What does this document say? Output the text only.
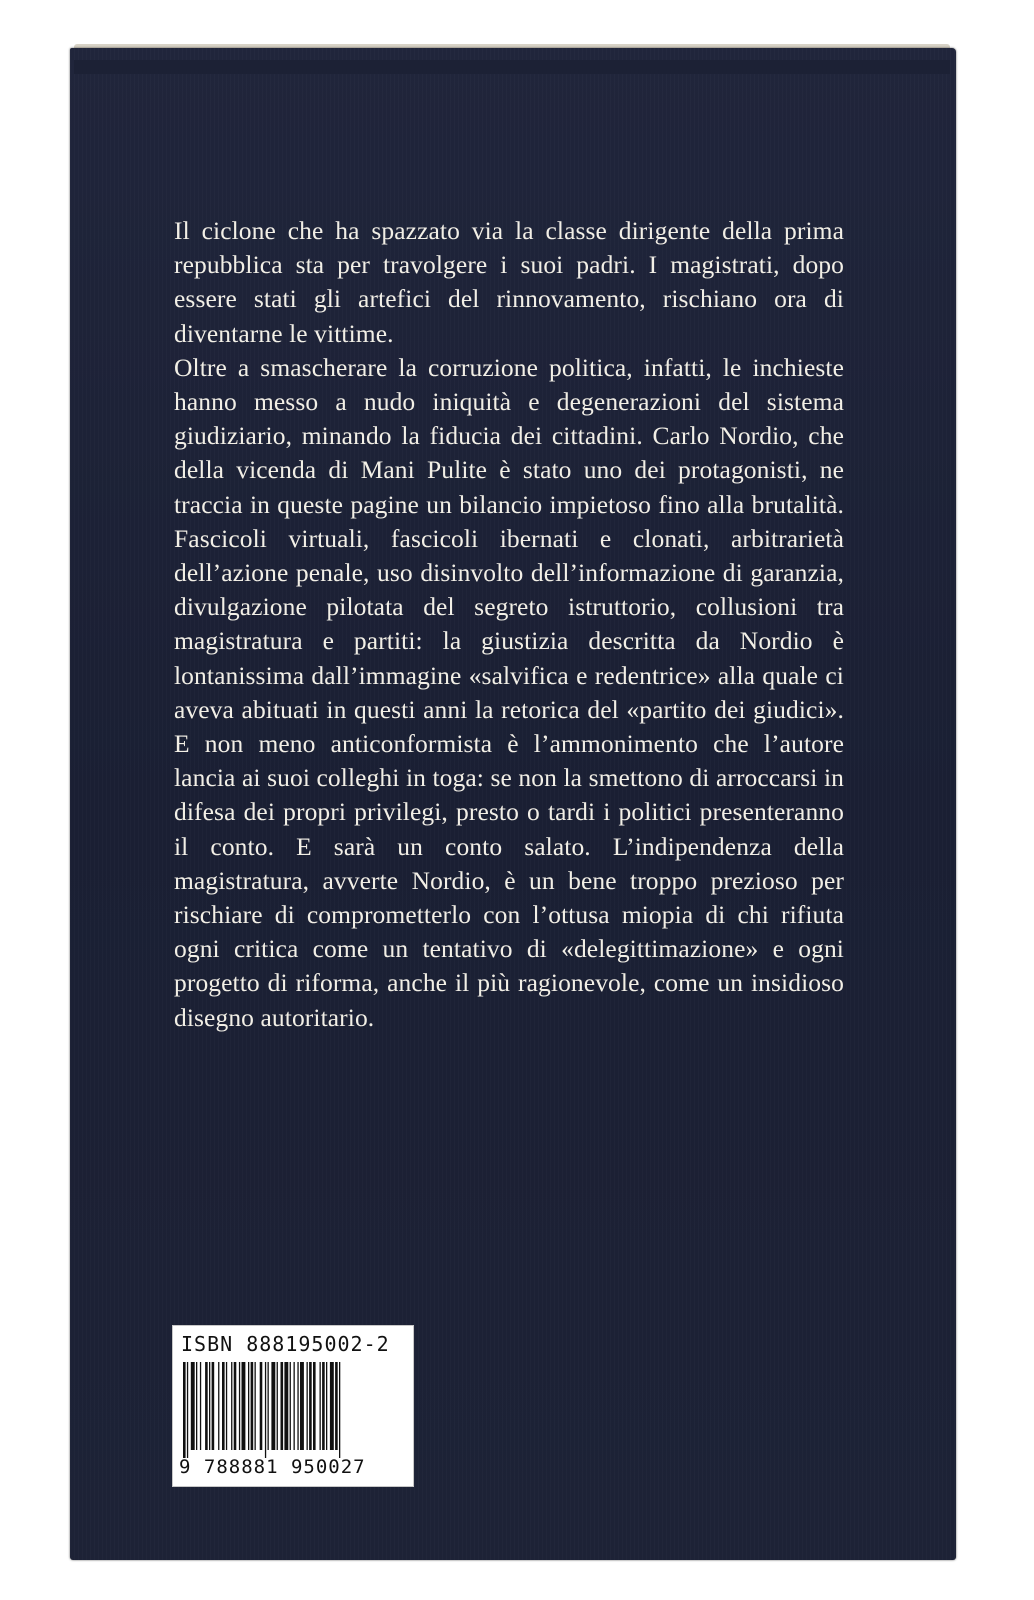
Il ciclone che ha spazzato via la classe dirigente della prima repubblica sta per travolgere i suoi padri. I magistrati, dopo essere stati gli artefici del rinnovamento, rischiano ora di diventarne le vittime.

Oltre a smascherare la corruzione politica, infatti, le inchieste hanno messo a nudo iniquità e degenerazioni del sistema giudiziario, minando la fiducia dei cittadini. Carlo Nordio, che della vicenda di Mani Pulite è stato uno dei protagonisti, ne traccia in queste pagine un bilancio impietoso fino alla brutalità. Fascicoli virtuali, fascicoli ibernati e clonati, arbitrarietà dell’azione penale, uso disinvolto dell’informazione di garanzia, divulgazione pilotata del segreto istruttorio, collusioni tra magistratura e partiti: la giustizia descritta da Nordio è lontanissima dall’immagine «salvifica e redentrice» alla quale ci aveva abituati in questi anni la retorica del «partito dei giudici». E non meno anticonformista è l’ammonimento che l’autore lancia ai suoi colleghi in toga: se non la smettono di arroccarsi in difesa dei propri privilegi, presto o tardi i politici presenteranno il conto. E sarà un conto salato. L’indipendenza della magistratura, avverte Nordio, è un bene troppo prezioso per rischiare di comprometterlo con l’ottusa miopia di chi rifiuta ogni critica come un tentativo di «delegittimazione» e ogni progetto di riforma, anche il più ragionevole, come un insidioso disegno autoritario.

ISBN 888195002-2
9 788881 950027
